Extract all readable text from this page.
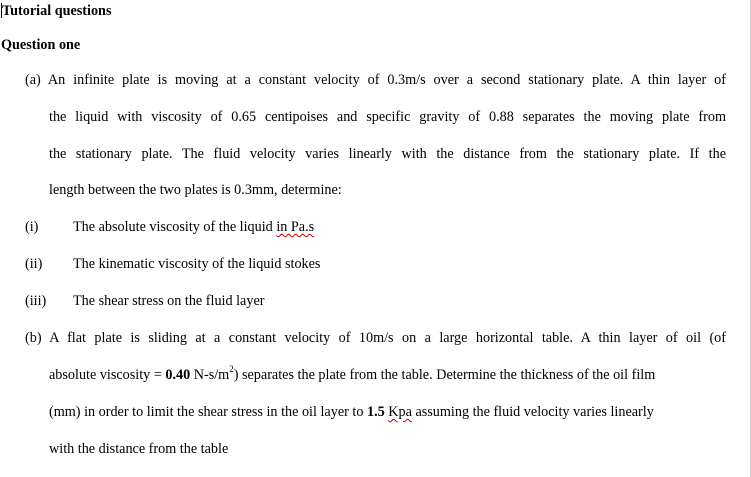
Tutorial questions
Question one
(a) An infinite plate is moving at a constant velocity of 0.3m/s over a second stationary plate. A thin layer of
the liquid with viscosity of 0.65 centipoises and specific gravity of 0.88 separates the moving plate from
the stationary plate. The fluid velocity varies linearly with the distance from the stationary plate. If the
length between the two plates is 0.3mm, determine:
(i) The absolute viscosity of the liquid in Pa.s
(ii) The kinematic viscosity of the liquid stokes
(iii) The shear stress on the fluid layer
(b) A flat plate is sliding at a constant velocity of 10m/s on a large horizontal table. A thin layer of oil (of
absolute viscosity = 0.40 $N-s/m^2$) separates the plate from the table. Determine the thickness of the oil film
(mm) in order to limit the shear stress in the oil layer to 1.5 Kpa assuming the fluid velocity varies linearly
with the distance from the table
